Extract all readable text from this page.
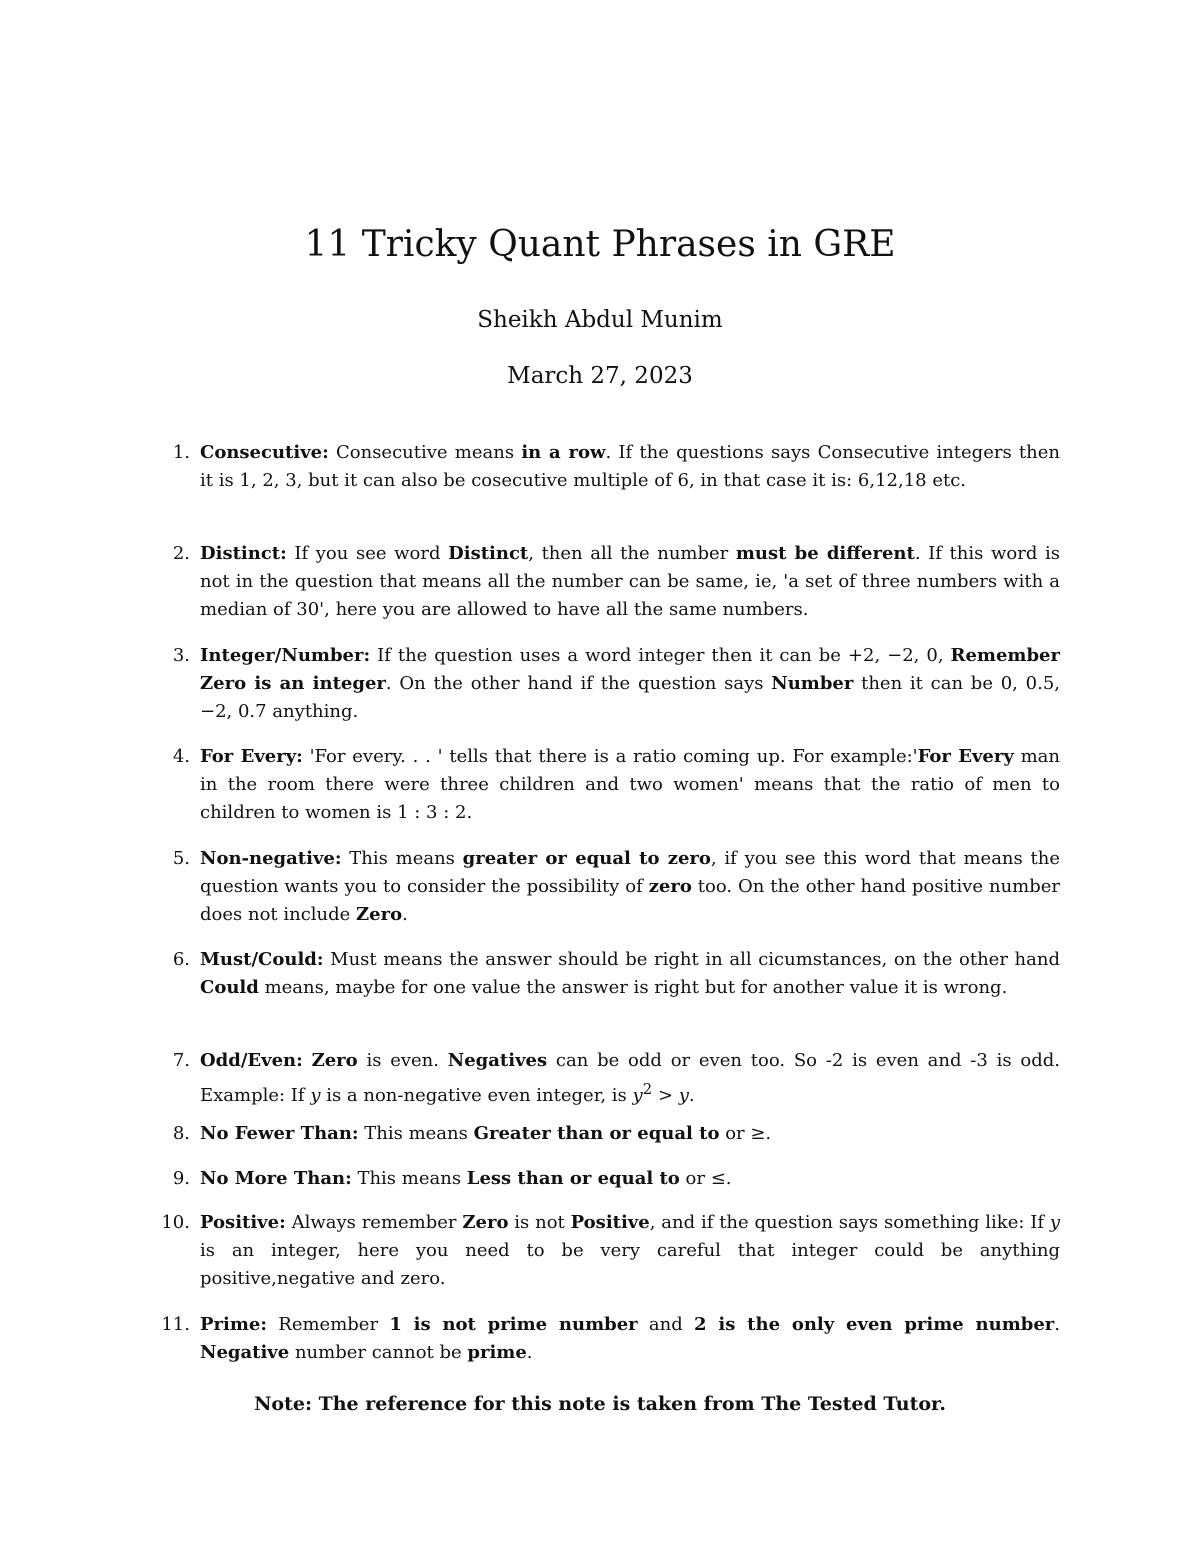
11 Tricky Quant Phrases in GRE
Sheikh Abdul Munim
March 27, 2023
1. Consecutive: Consecutive means in a row. If the questions says Consecutive integers then it is 1, 2, 3, but it can also be cosecutive multiple of 6, in that case it is: 6,12,18 etc.
2. Distinct: If you see word Distinct, then all the number must be different. If this word is not in the question that means all the number can be same, ie, 'a set of three numbers with a median of 30', here you are allowed to have all the same numbers.
3. Integer/Number: If the question uses a word integer then it can be +2, −2, 0, Remember Zero is an integer. On the other hand if the question says Number then it can be 0, 0.5, −2, 0.7 anything.
4. For Every: 'For every. . . ' tells that there is a ratio coming up. For example:'For Every man in the room there were three children and two women' means that the ratio of men to children to women is 1 : 3 : 2.
5. Non-negative: This means greater or equal to zero, if you see this word that means the question wants you to consider the possibility of zero too. On the other hand positive number does not include Zero.
6. Must/Could: Must means the answer should be right in all cicumstances, on the other hand Could means, maybe for one value the answer is right but for another value it is wrong.
7. Odd/Even: Zero is even. Negatives can be odd or even too. So -2 is even and -3 is odd. Example: If y is a non-negative even integer, is $y^2 > y$.
8. No Fewer Than: This means Greater than or equal to or ≥.
9. No More Than: This means Less than or equal to or ≤.
10. Positive: Always remember Zero is not Positive, and if the question says something like: If y is an integer, here you need to be very careful that integer could be anything positive,negative and zero.
11. Prime: Remember 1 is not prime number and 2 is the only even prime number. Negative number cannot be prime.
Note: The reference for this note is taken from The Tested Tutor.
